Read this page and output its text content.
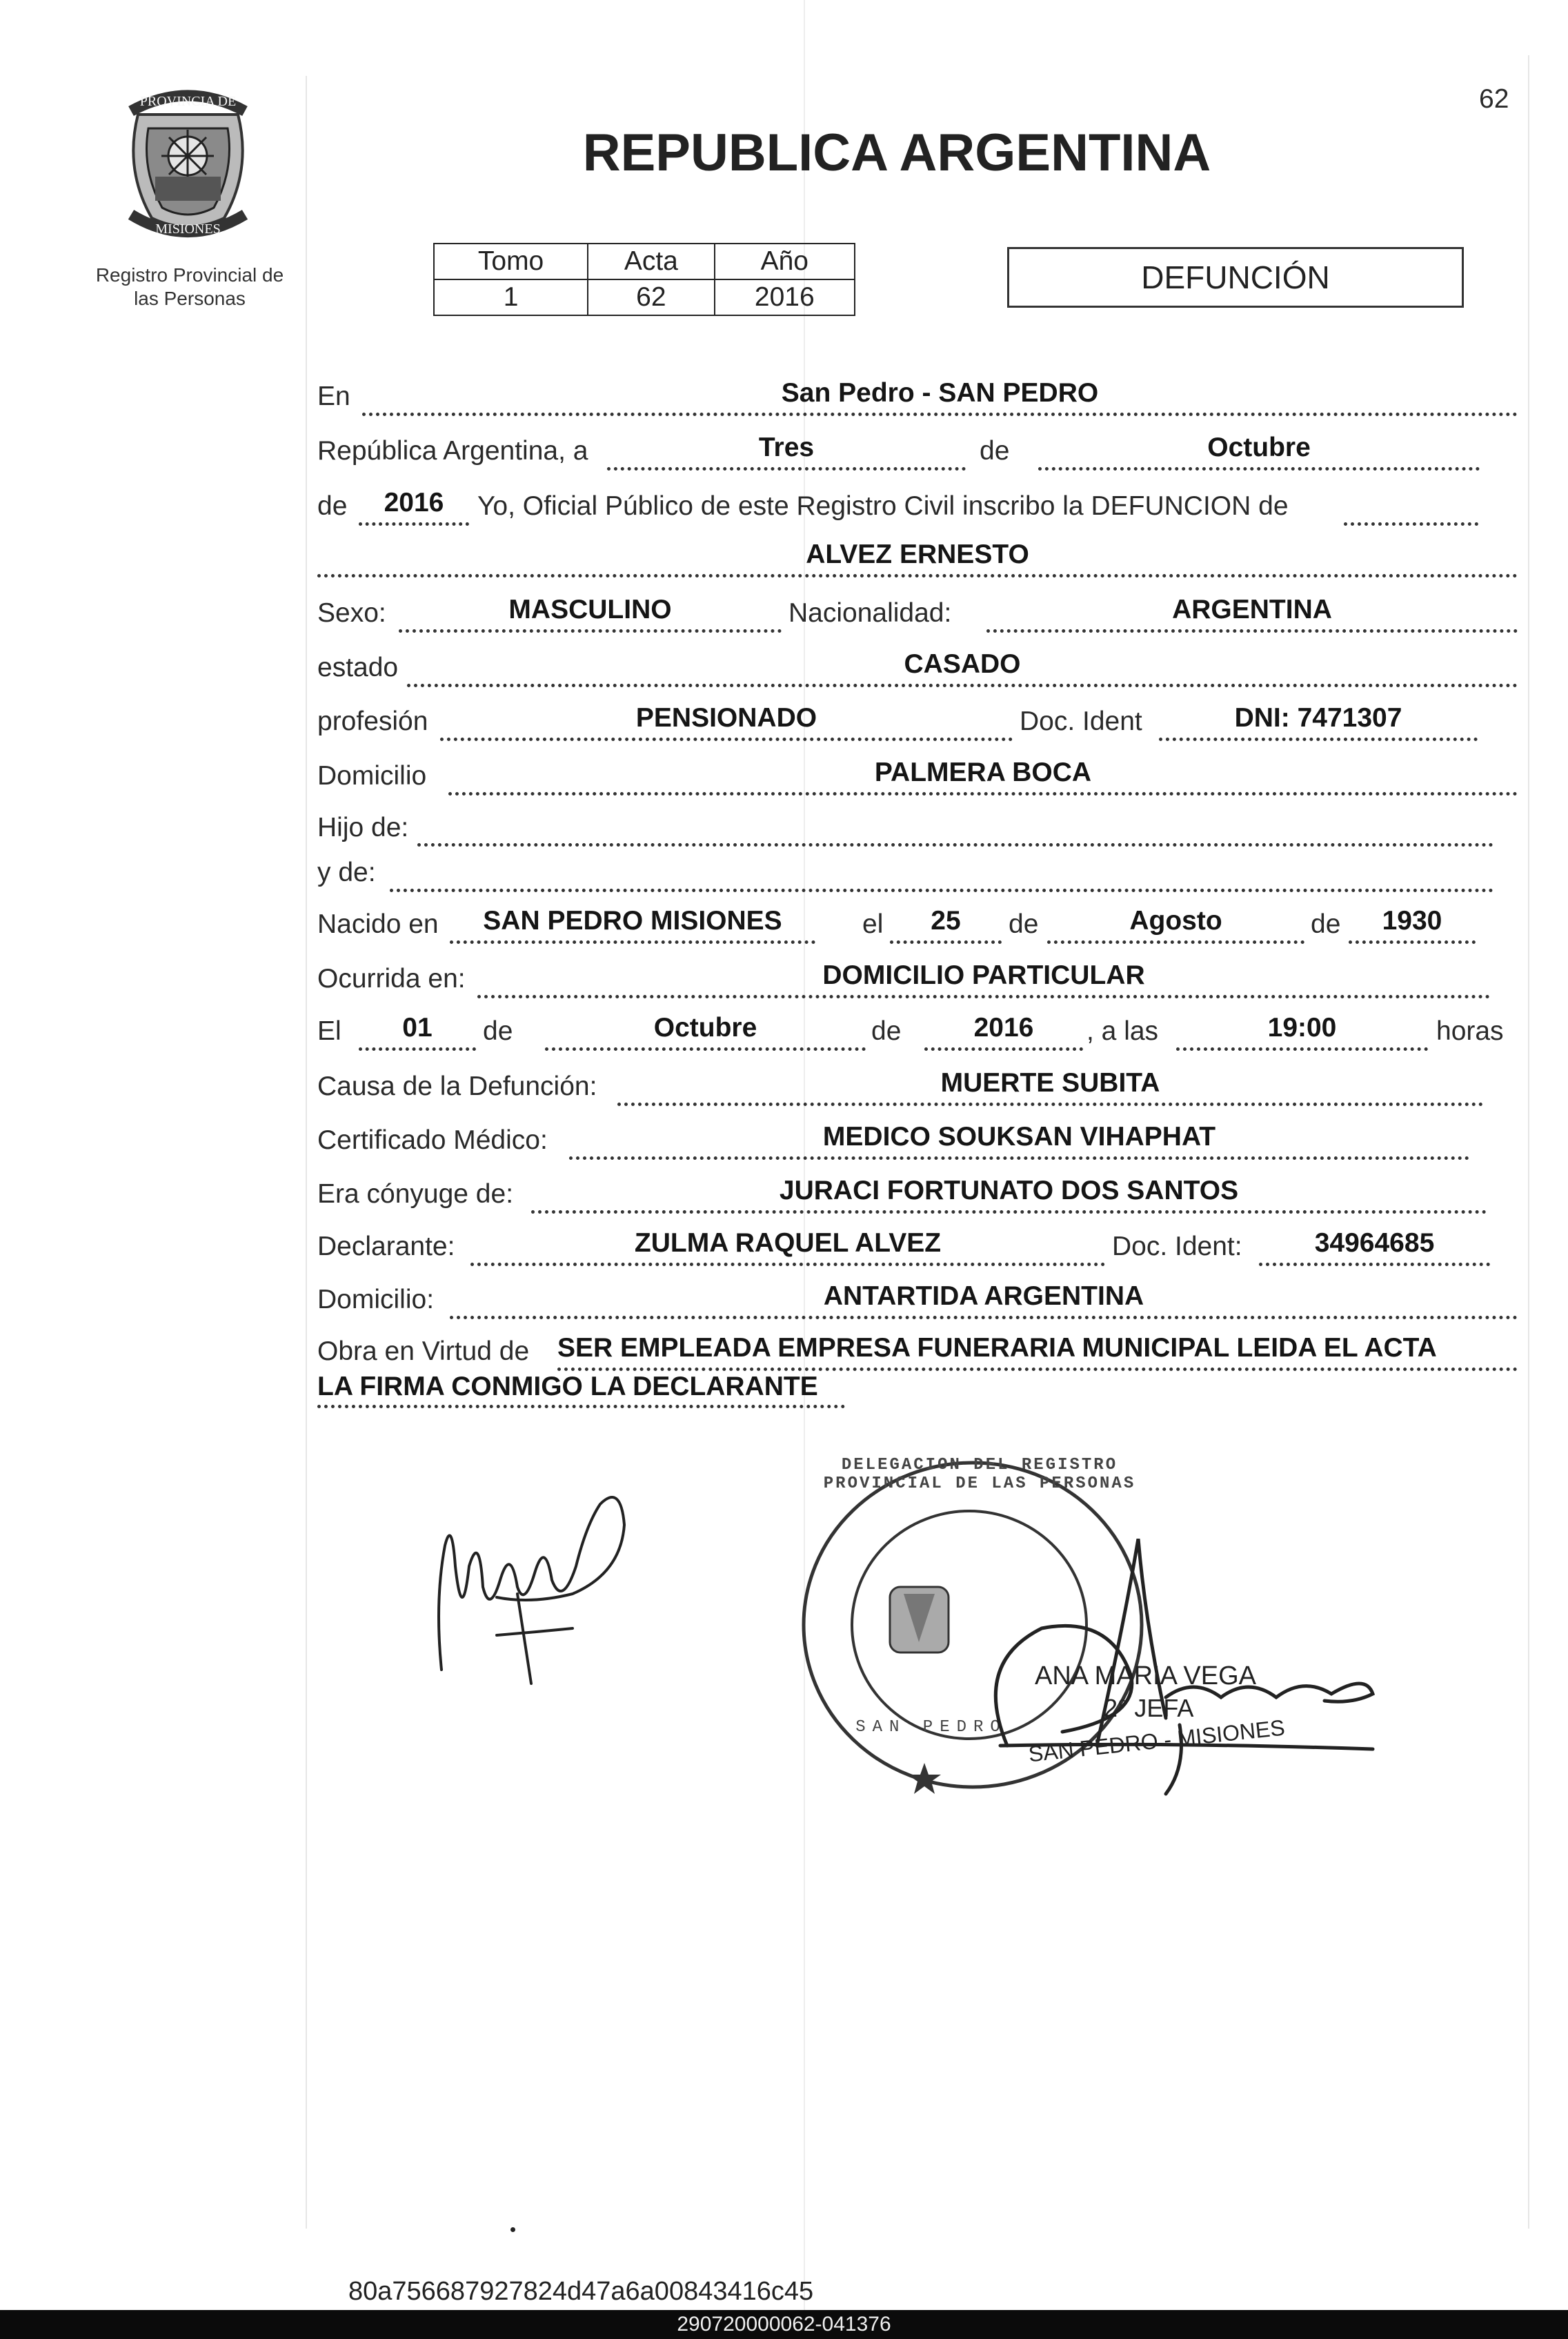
62
PROVINCIA DE
MISIONES
Registro Provincial de
las Personas
REPUBLICA ARGENTINA
Tomo	Acta	Año
1	62	2016
DEFUNCIÓN
En	San Pedro - SAN PEDRO
República Argentina, a	Tres	de	Octubre
de	2016	Yo, Oficial Público de este Registro Civil inscribo la DEFUNCION de
ALVEZ ERNESTO
Sexo:	MASCULINO	Nacionalidad:	ARGENTINA
estado	CASADO
profesión	PENSIONADO	Doc. Ident	DNI: 7471307
Domicilio	PALMERA BOCA
Hijo de:
y de:
Nacido en	SAN PEDRO MISIONES	el	25	de	Agosto	de	1930
Ocurrida en:	DOMICILIO PARTICULAR
El	01	de	Octubre	de	2016	, a las	19:00	horas
Causa de la Defunción:	MUERTE SUBITA
Certificado Médico:	MEDICO SOUKSAN VIHAPHAT
Era cónyuge de:	JURACI FORTUNATO DOS SANTOS
Declarante:	ZULMA RAQUEL ALVEZ	Doc. Ident:	34964685
Domicilio:	ANTARTIDA ARGENTINA
Obra en Virtud de SER EMPLEADA EMPRESA FUNERARIA MUNICIPAL LEIDA EL ACTA
LA FIRMA CONMIGO LA DECLARANTE
DELEGACION DEL REGISTRO PROVINCIAL DE LAS PERSONAS
SAN PEDRO
ANA MARIA VEGA
2° JEFA
SAN PEDRO - MISIONES
80a756687927824d47a6a00843416c45
290720000062-041376
